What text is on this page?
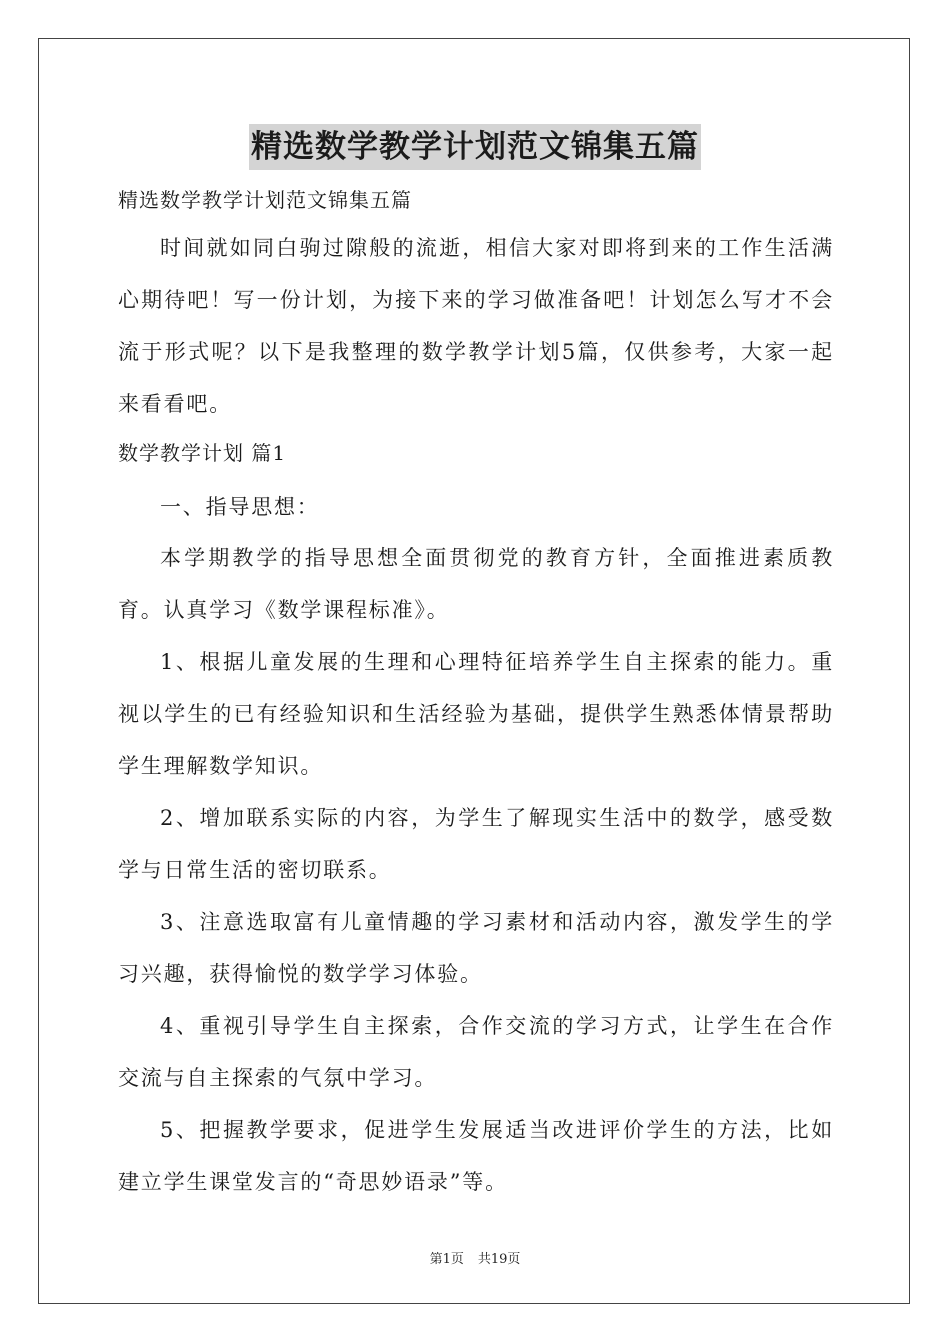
精选数学教学计划范文锦集五篇

精选数学教学计划范文锦集五篇

时间就如同白驹过隙般的流逝，相信大家对即将到来的工作生活满心期待吧！写一份计划，为接下来的学习做准备吧！计划怎么写才不会流于形式呢？以下是我整理的数学教学计划5篇，仅供参考，大家一起来看看吧。

数学教学计划 篇1

一、指导思想：

本学期教学的指导思想全面贯彻党的教育方针，全面推进素质教育。认真学习《数学课程标准》。

1、根据儿童发展的生理和心理特征培养学生自主探索的能力。重视以学生的已有经验知识和生活经验为基础，提供学生熟悉体情景帮助学生理解数学知识。

2、增加联系实际的内容，为学生了解现实生活中的数学，感受数学与日常生活的密切联系。

3、注意选取富有儿童情趣的学习素材和活动内容，激发学生的学习兴趣，获得愉悦的数学学习体验。

4、重视引导学生自主探索，合作交流的学习方式，让学生在合作交流与自主探索的气氛中学习。

5、把握教学要求，促进学生发展适当改进评价学生的方法，比如建立学生课堂发言的“奇思妙语录”等。

第1页 共19页
